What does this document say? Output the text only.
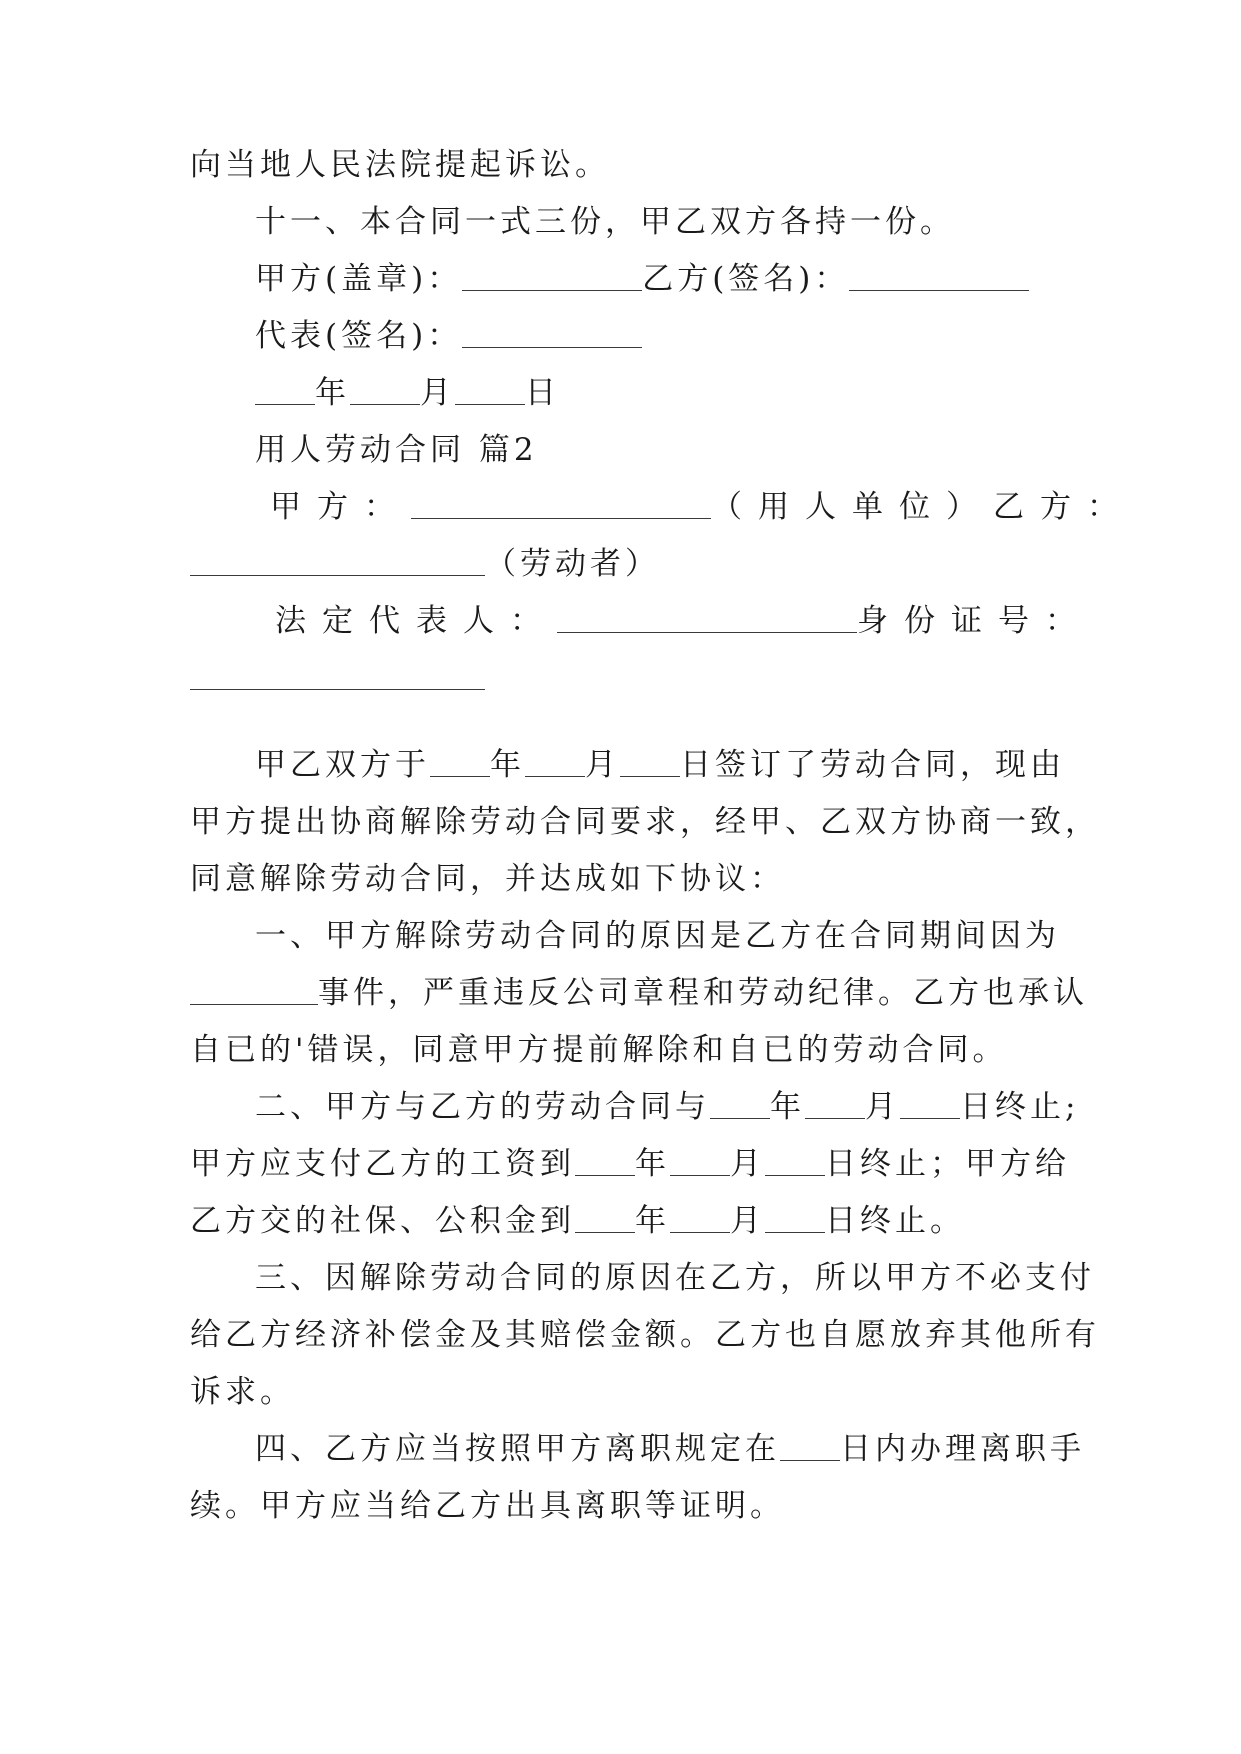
向当地人民法院提起诉讼。
十一、本合同一式三份，甲乙双方各持一份。
甲方(盖章)：	乙方(签名)：
代表(签名)：
年 月 日
用人劳动合同 篇2
甲方：	（用人单位）乙方：
（劳动者）
法定代表人：	身份证号：
甲乙双方于 年 月 日签订了劳动合同，现由
甲方提出协商解除劳动合同要求，经甲、乙双方协商一致，
同意解除劳动合同，并达成如下协议：
一、甲方解除劳动合同的原因是乙方在合同期间因为
事件，严重违反公司章程和劳动纪律。乙方也承认
自已的'错误，同意甲方提前解除和自已的劳动合同。
二、甲方与乙方的劳动合同与 年 月 日终止;
甲方应支付乙方的工资到 年 月 日终止；甲方给
乙方交的社保、公积金到 年 月 日终止。
三、因解除劳动合同的原因在乙方，所以甲方不必支付
给乙方经济补偿金及其赔偿金额。乙方也自愿放弃其他所有
诉求。
四、乙方应当按照甲方离职规定在 日内办理离职手
续。甲方应当给乙方出具离职等证明。
